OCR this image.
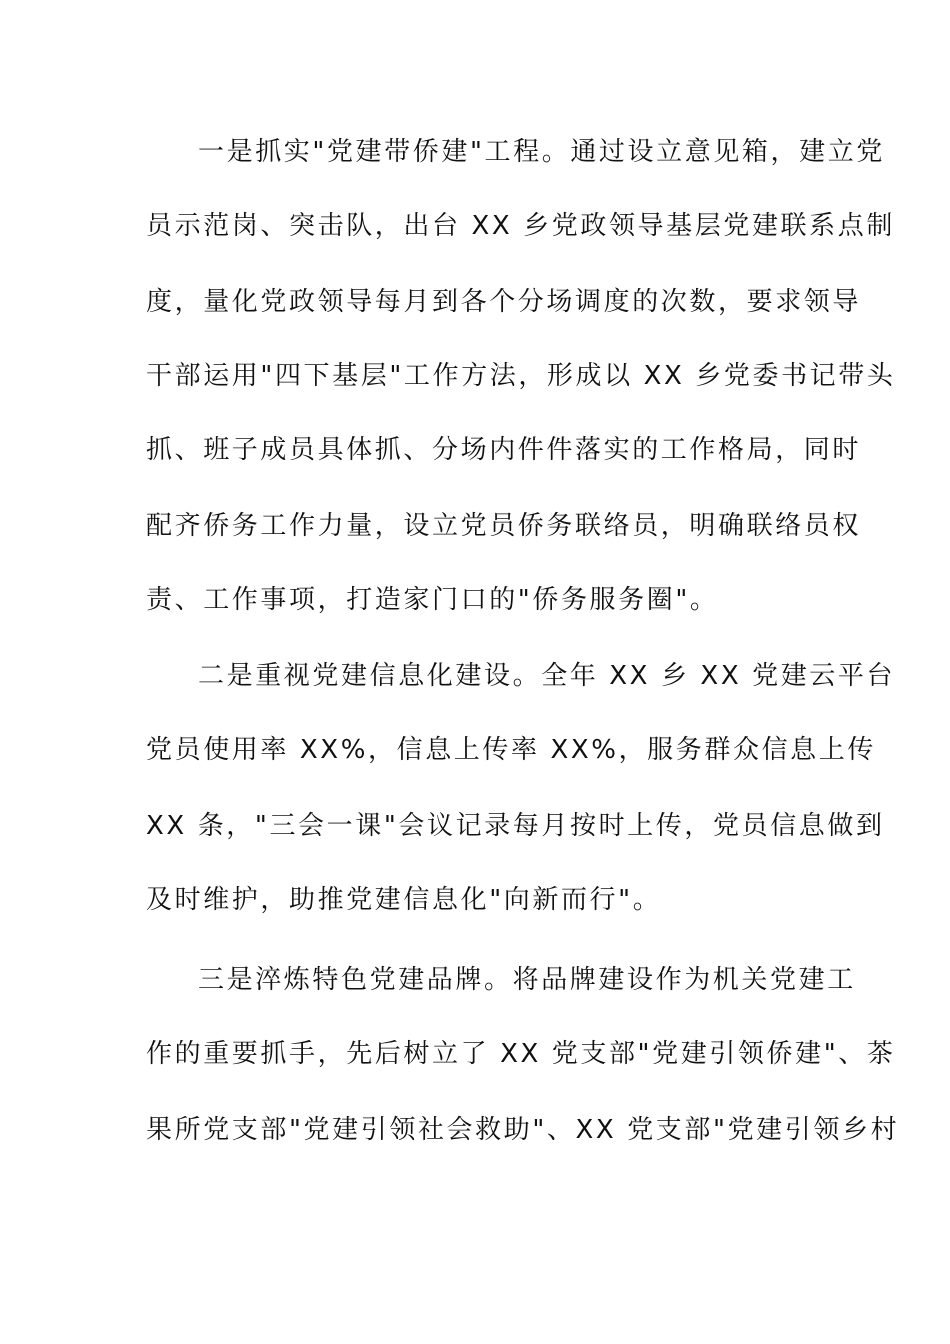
一是抓实"党建带侨建"工程。通过设立意见箱，建立党
员示范岗、突击队，出台 XX 乡党政领导基层党建联系点制
度，量化党政领导每月到各个分场调度的次数，要求领导
干部运用"四下基层"工作方法，形成以 XX 乡党委书记带头
抓、班子成员具体抓、分场内件件落实的工作格局，同时
配齐侨务工作力量，设立党员侨务联络员，明确联络员权
责、工作事项，打造家门口的"侨务服务圈"。
二是重视党建信息化建设。全年 XX 乡 XX 党建云平台
党员使用率 XX%，信息上传率 XX%，服务群众信息上传
XX 条，"三会一课"会议记录每月按时上传，党员信息做到
及时维护，助推党建信息化"向新而行"。
三是淬炼特色党建品牌。将品牌建设作为机关党建工
作的重要抓手，先后树立了 XX 党支部"党建引领侨建"、茶
果所党支部"党建引领社会救助"、XX 党支部"党建引领乡村
